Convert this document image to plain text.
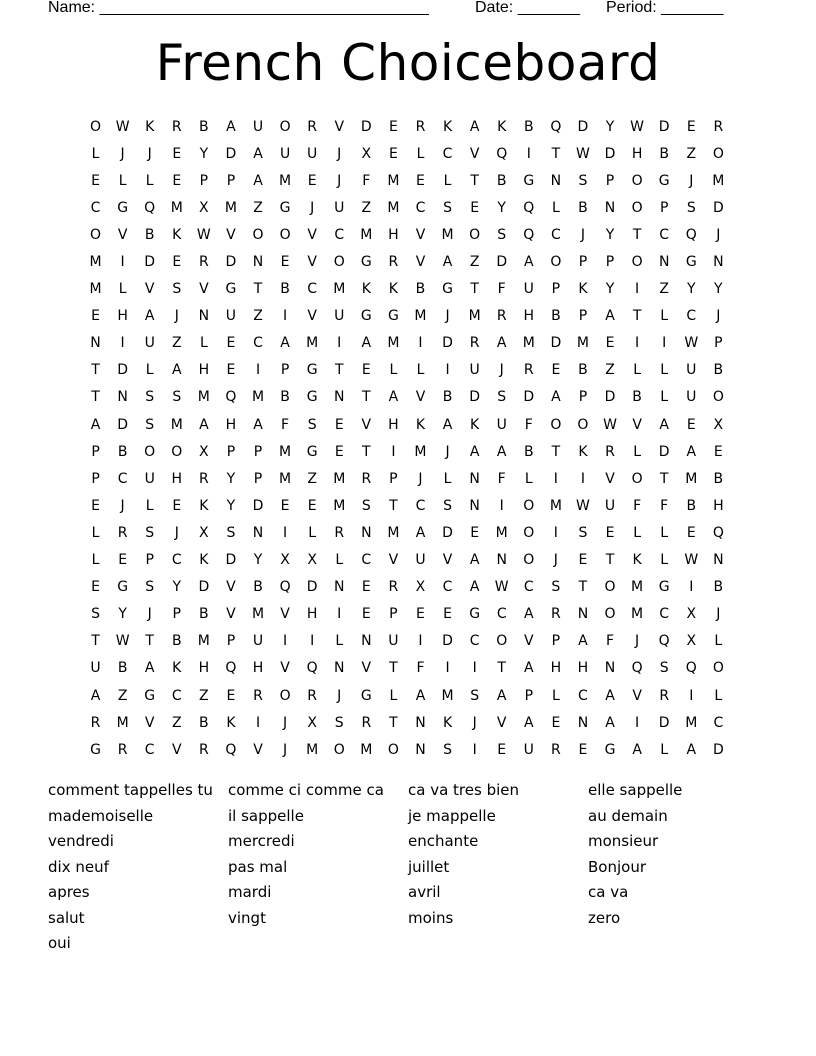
Name: _____________________________________	Date: _______ Period: _______
French Choiceboard
O	W	K	R	B	A	U	O	R	V	D	E	R	K	A	K	B	Q	D	Y	W	D	E	R
L	J	J	E	Y	D	A	U	U	J	X	E	L	C	V	Q	I	T	W	D	H	B	Z	O
E	L	L	E	P	P	A	M	E	J	F	M	E	L	T	B	G	N	S	P	O	G	J	M
C	G	Q	M	X	M	Z	G	J	U	Z	M	C	S	E	Y	Q	L	B	N	O	P	S	D
O	V	B	K	W	V	O	O	V	C	M	H	V	M	O	S	Q	C	J	Y	T	C	Q	J
M	I	D	E	R	D	N	E	V	O	G	R	V	A	Z	D	A	O	P	P	O	N	G	N
M	L	V	S	V	G	T	B	C	M	K	K	B	G	T	F	U	P	K	Y	I	Z	Y	Y
E	H	A	J	N	U	Z	I	V	U	G	G	M	J	M	R	H	B	P	A	T	L	C	J
N	I	U	Z	L	E	C	A	M	I	A	M	I	D	R	A	M	D	M	E	I	I	W	P
T	D	L	A	H	E	I	P	G	T	E	L	L	I	U	J	R	E	B	Z	L	L	U	B
T	N	S	S	M	Q	M	B	G	N	T	A	V	B	D	S	D	A	P	D	B	L	U	O
A	D	S	M	A	H	A	F	S	E	V	H	K	A	K	U	F	O	O	W	V	A	E	X
P	B	O	O	X	P	P	M	G	E	T	I	M	J	A	A	B	T	K	R	L	D	A	E
P	C	U	H	R	Y	P	M	Z	M	R	P	J	L	N	F	L	I	I	V	O	T	M	B
E	J	L	E	K	Y	D	E	E	M	S	T	C	S	N	I	O	M	W	U	F	F	B	H
L	R	S	J	X	S	N	I	L	R	N	M	A	D	E	M	O	I	S	E	L	L	E	Q
L	E	P	C	K	D	Y	X	X	L	C	V	U	V	A	N	O	J	E	T	K	L	W	N
E	G	S	Y	D	V	B	Q	D	N	E	R	X	C	A	W	C	S	T	O	M	G	I	B
S	Y	J	P	B	V	M	V	H	I	E	P	E	E	G	C	A	R	N	O	M	C	X	J
T	W	T	B	M	P	U	I	I	L	N	U	I	D	C	O	V	P	A	F	J	Q	X	L
U	B	A	K	H	Q	H	V	Q	N	V	T	F	I	I	T	A	H	H	N	Q	S	Q	O
A	Z	G	C	Z	E	R	O	R	J	G	L	A	M	S	A	P	L	C	A	V	R	I	L
R	M	V	Z	B	K	I	J	X	S	R	T	N	K	J	V	A	E	N	A	I	D	M	C
G	R	C	V	R	Q	V	J	M	O	M	O	N	S	I	E	U	R	E	G	A	L	A	D
comment tappelles tu	comme ci comme ca	ca va tres bien	elle sappelle
mademoiselle	il sappelle	je mappelle	au demain
vendredi	mercredi	enchante	monsieur
dix neuf	pas mal	juillet	Bonjour
apres	mardi	avril	ca va
salut	vingt	moins	zero
oui
